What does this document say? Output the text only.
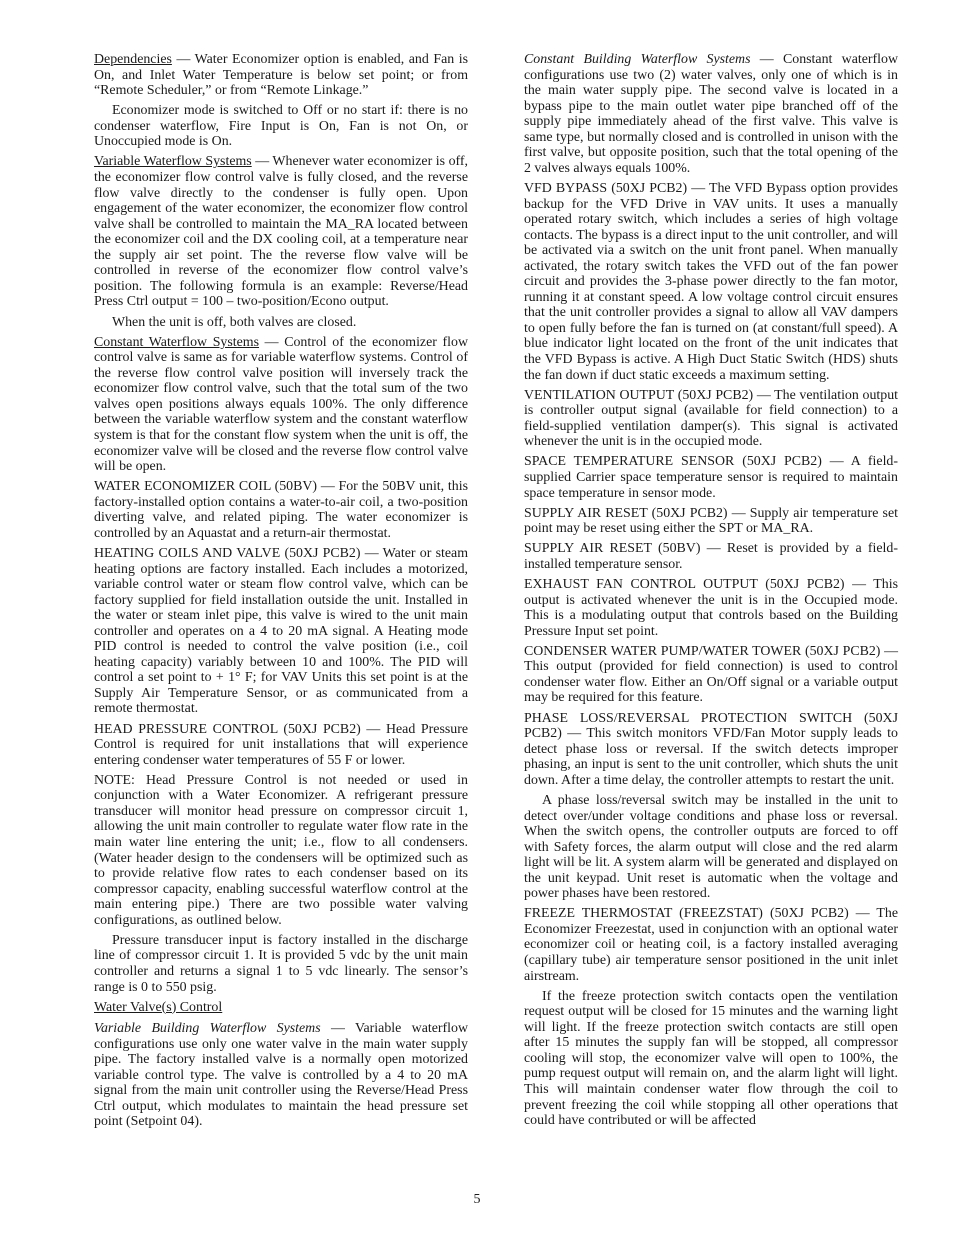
Dependencies — Water Economizer option is enabled, and Fan is On, and Inlet Water Temperature is below set point; or from “Remote Scheduler,” or from “Remote Linkage.”

Economizer mode is switched to Off or no start if: there is no condenser waterflow, Fire Input is On, Fan is not On, or Unoccupied mode is On.

Variable Waterflow Systems — Whenever water economizer is off, the economizer flow control valve is fully closed, and the reverse flow valve directly to the condenser is fully open. Upon engagement of the water economizer, the economizer flow control valve shall be controlled to maintain the MA_RA located between the economizer coil and the DX cooling coil, at a temperature near the supply air set point. The the reverse flow valve will be controlled in reverse of the economizer flow control valve’s position. The following formula is an example: Reverse/Head Press Ctrl output = 100 – two-position/Econo output.

When the unit is off, both valves are closed.

Constant Waterflow Systems — Control of the economizer flow control valve is same as for variable waterflow systems. Control of the reverse flow control valve position will inversely track the economizer flow control valve, such that the total sum of the two valves open positions always equals 100%. The only difference between the variable waterflow system and the constant waterflow system is that for the constant flow system when the unit is off, the economizer valve will be closed and the reverse flow control valve will be open.

WATER ECONOMIZER COIL (50BV) — For the 50BV unit, this factory-installed option contains a water-to-air coil, a two-position diverting valve, and related piping. The water economizer is controlled by an Aquastat and a return-air thermostat.

HEATING COILS AND VALVE (50XJ PCB2) — Water or steam heating options are factory installed. Each includes a motorized, variable control water or steam flow control valve, which can be factory supplied for field installation outside the unit. Installed in the water or steam inlet pipe, this valve is wired to the unit main controller and operates on a 4 to 20 mA signal. A Heating mode PID control is needed to control the valve position (i.e., coil heating capacity) variably between 10 and 100%. The PID will control a set point to + 1° F; for VAV Units this set point is at the Supply Air Temperature Sensor, or as communicated from a remote thermostat.

HEAD PRESSURE CONTROL (50XJ PCB2) — Head Pressure Control is required for unit installations that will experience entering condenser water temperatures of 55 F or lower.

NOTE: Head Pressure Control is not needed or used in conjunction with a Water Economizer. A refrigerant pressure transducer will monitor head pressure on compressor circuit 1, allowing the unit main controller to regulate water flow rate in the main water line entering the unit; i.e., flow to all condensers. (Water header design to the condensers will be optimized such as to provide relative flow rates to each condenser based on its compressor capacity, enabling successful waterflow control at the main entering pipe.) There are two possible water valving configurations, as outlined below.

Pressure transducer input is factory installed in the discharge line of compressor circuit 1. It is provided 5 vdc by the unit main controller and returns a signal 1 to 5 vdc linearly. The sensor’s range is 0 to 550 psig.

Water Valve(s) Control

Variable Building Waterflow Systems — Variable waterflow configurations use only one water valve in the main water supply pipe. The factory installed valve is a normally open motorized variable control type. The valve is controlled by a 4 to 20 mA signal from the main unit controller using the Reverse/Head Press Ctrl output, which modulates to maintain the head pressure set point (Setpoint 04).

Constant Building Waterflow Systems — Constant waterflow configurations use two (2) water valves, only one of which is in the main water supply pipe. The second valve is located in a bypass pipe to the main outlet water pipe branched off of the supply pipe immediately ahead of the first valve. This valve is same type, but normally closed and is controlled in unison with the first valve, but opposite position, such that the total opening of the 2 valves always equals 100%.

VFD BYPASS (50XJ PCB2) — The VFD Bypass option provides backup for the VFD Drive in VAV units. It uses a manually operated rotary switch, which includes a series of high voltage contacts. The bypass is a direct input to the unit controller, and will be activated via a switch on the unit front panel. When manually activated, the rotary switch takes the VFD out of the fan power circuit and provides the 3-phase power directly to the fan motor, running it at constant speed. A low voltage control circuit ensures that the unit controller provides a signal to allow all VAV dampers to open fully before the fan is turned on (at constant/full speed). A blue indicator light located on the front of the unit indicates that the VFD Bypass is active. A High Duct Static Switch (HDS) shuts the fan down if duct static exceeds a maximum setting.

VENTILATION OUTPUT (50XJ PCB2) — The ventilation output is controller output signal (available for field connection) to a field-supplied ventilation damper(s). This signal is activated whenever the unit is in the occupied mode.

SPACE TEMPERATURE SENSOR (50XJ PCB2) — A field-supplied Carrier space temperature sensor is required to maintain space temperature in sensor mode.

SUPPLY AIR RESET (50XJ PCB2) — Supply air temperature set point may be reset using either the SPT or MA_RA.

SUPPLY AIR RESET (50BV) — Reset is provided by a field-installed temperature sensor.

EXHAUST FAN CONTROL OUTPUT (50XJ PCB2) — This output is activated whenever the unit is in the Occupied mode. This is a modulating output that controls based on the Building Pressure Input set point.

CONDENSER WATER PUMP/WATER TOWER (50XJ PCB2) — This output (provided for field connection) is used to control condenser water flow. Either an On/Off signal or a variable output may be required for this feature.

PHASE LOSS/REVERSAL PROTECTION SWITCH (50XJ PCB2) — This switch monitors VFD/Fan Motor supply leads to detect phase loss or reversal. If the switch detects improper phasing, an input is sent to the unit controller, which shuts the unit down. After a time delay, the controller attempts to restart the unit.

A phase loss/reversal switch may be installed in the unit to detect over/under voltage conditions and phase loss or reversal. When the switch opens, the controller outputs are forced to off with Safety forces, the alarm output will close and the red alarm light will be lit. A system alarm will be generated and displayed on the unit keypad. Unit reset is automatic when the voltage and power phases have been restored.

FREEZE THERMOSTAT (FREEZSTAT) (50XJ PCB2) — The Economizer Freezestat, used in conjunction with an optional water economizer coil or heating coil, is a factory installed averaging (capillary tube) air temperature sensor positioned in the unit inlet airstream.

If the freeze protection switch contacts open the ventilation request output will be closed for 15 minutes and the warning light will light. If the freeze protection switch contacts are still open after 15 minutes the supply fan will be stopped, all compressor cooling will stop, the economizer valve will open to 100%, the pump request output will remain on, and the alarm light will light. This will maintain condenser water flow through the coil to prevent freezing the coil while stopping all other operations that could have contributed or will be affected

5
